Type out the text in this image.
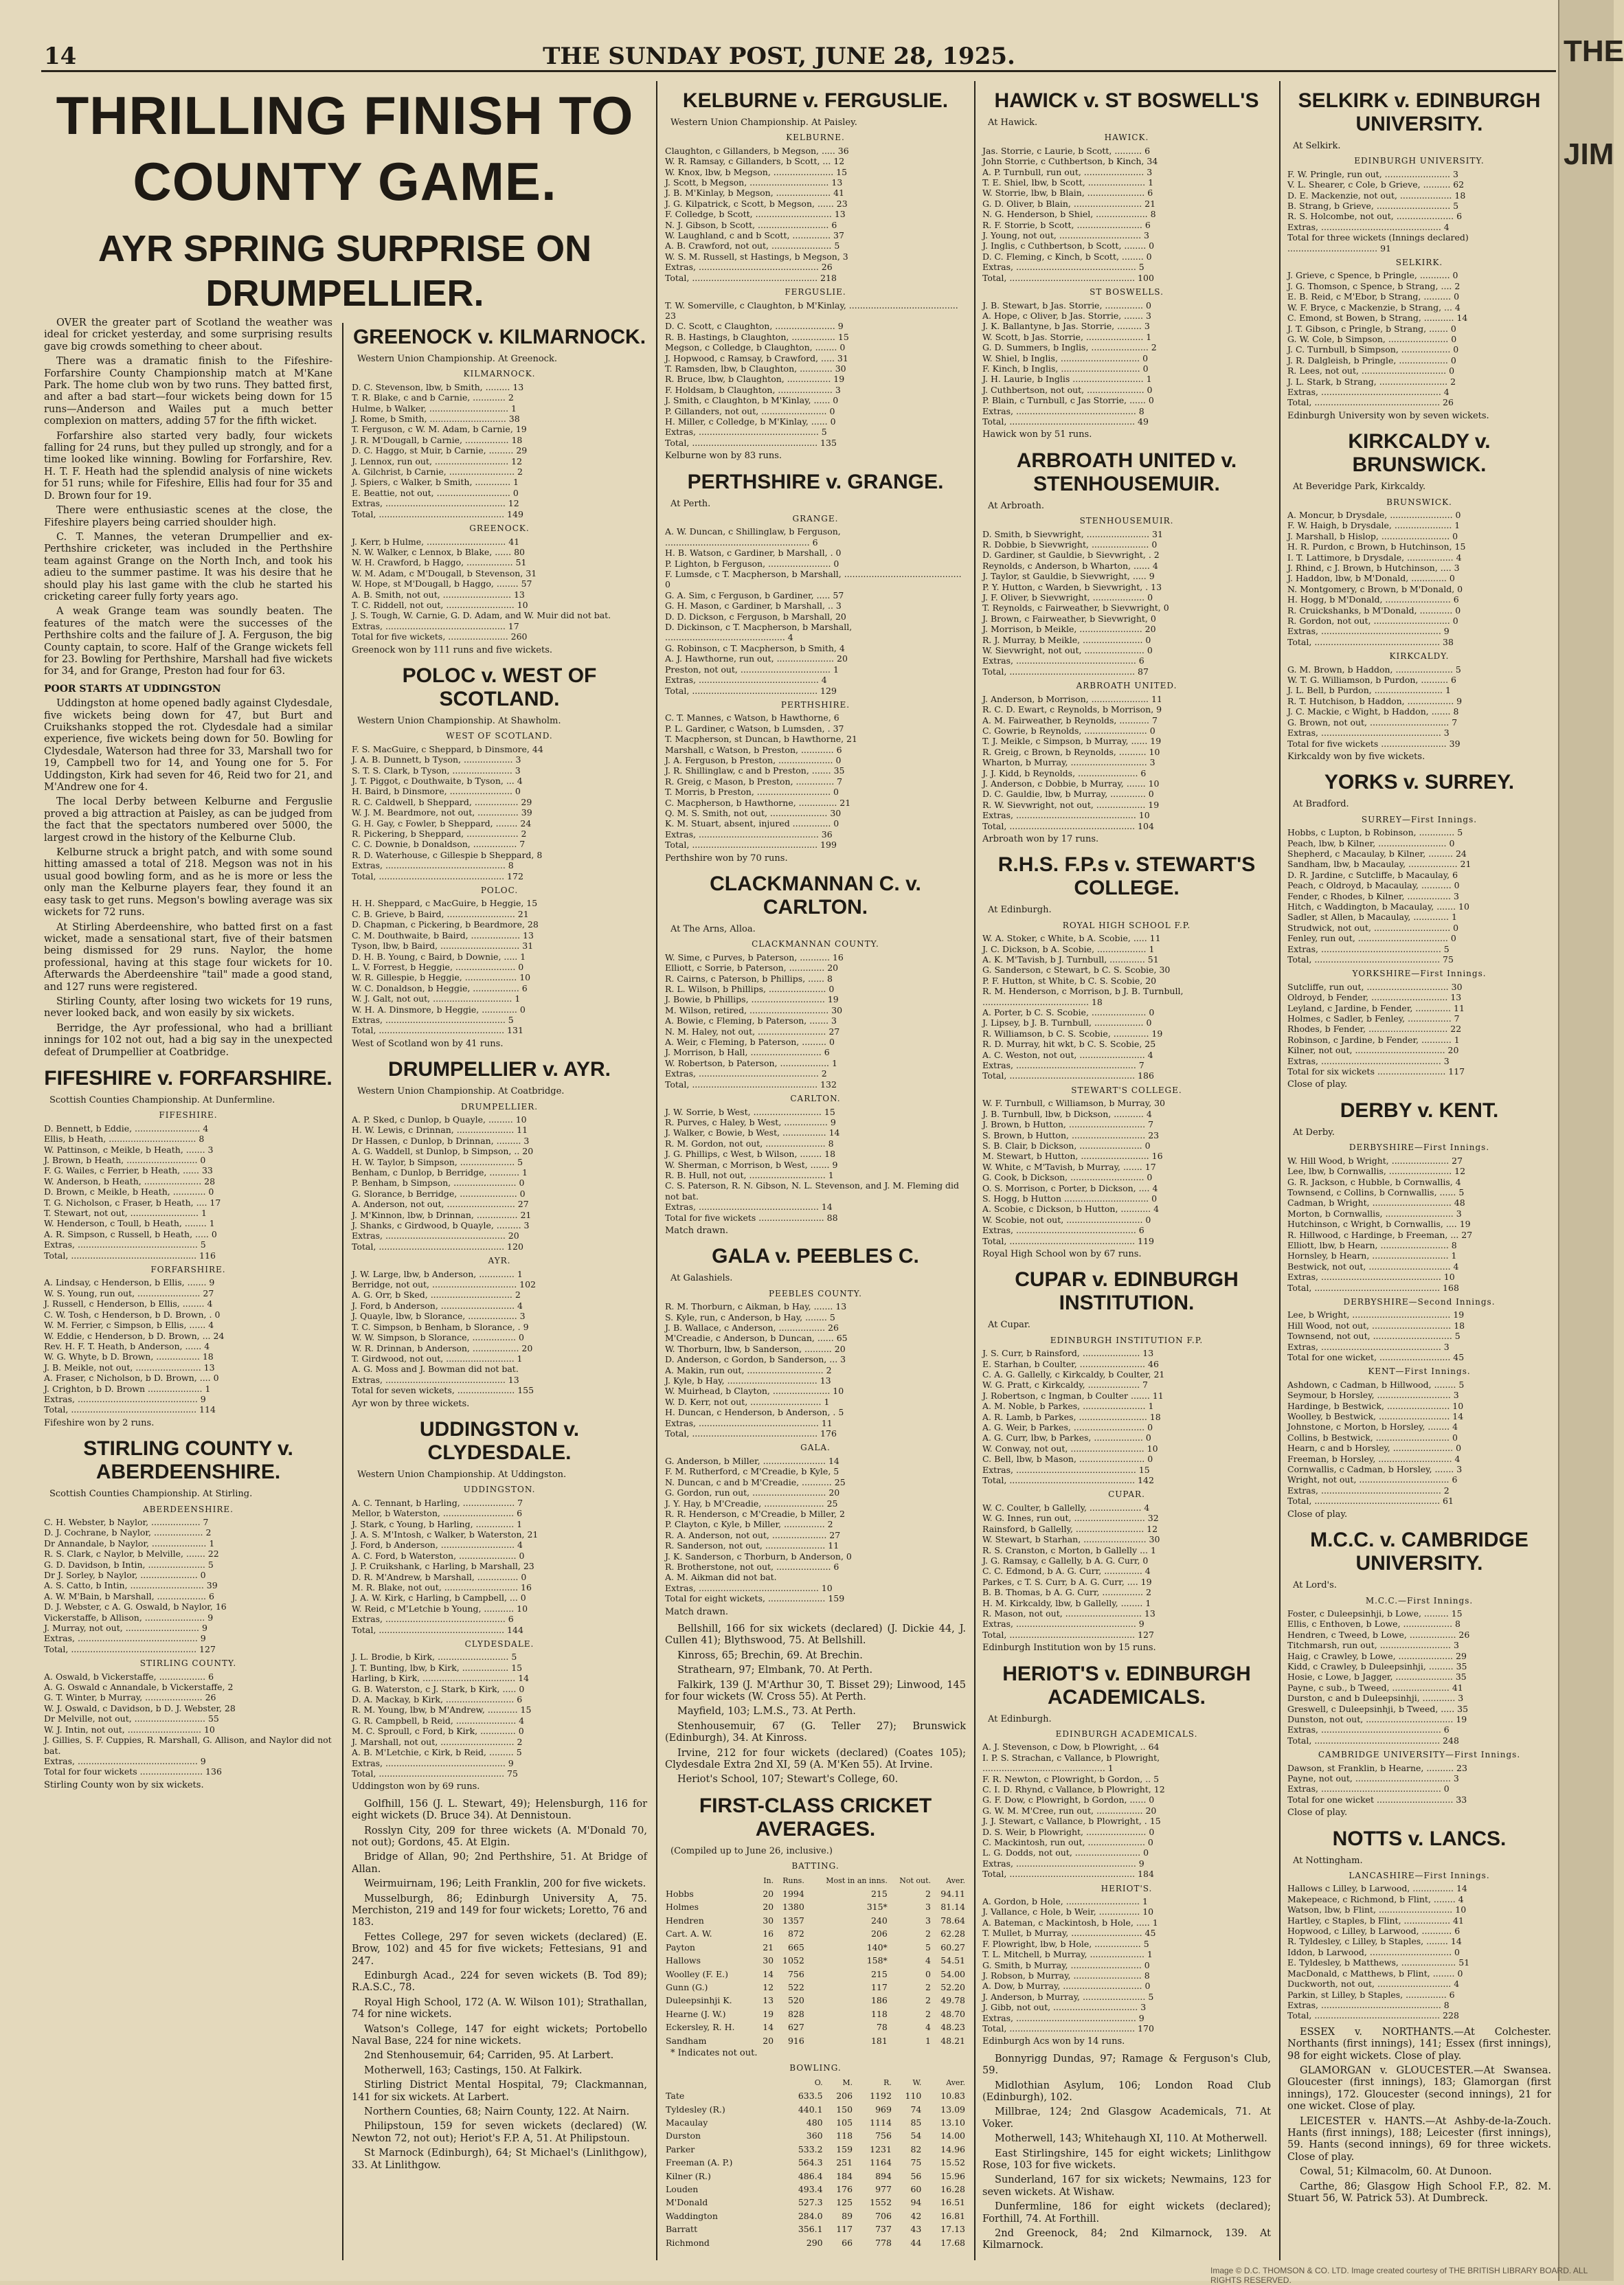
THE
JIM
14	THE SUNDAY POST, JUNE 28, 1925.
THRILLING FINISH TO
COUNTY GAME.
AYR SPRING SURPRISE ON
DRUMPELLIER.

OVER the greater part of Scotland the weather was ideal for cricket yesterday, and some surprising results gave big crowds something to cheer about.

There was a dramatic finish to the Fifeshire-Forfarshire County Championship match at M'Kane Park. The home club won by two runs. They batted first, and after a bad start—four wickets being down for 15 runs—Anderson and Wailes put a much better complexion on matters, adding 57 for the fifth wicket.

Forfarshire also started very badly, four wickets falling for 24 runs, but they pulled up strongly, and for a time looked like winning. Bowling for Forfarshire, Rev. H. T. F. Heath had the splendid analysis of nine wickets for 51 runs; while for Fifeshire, Ellis had four for 35 and D. Brown four for 19.

There were enthusiastic scenes at the close, the Fifeshire players being carried shoulder high.

C. T. Mannes, the veteran Drumpellier and ex-Perthshire cricketer, was included in the Perthshire team against Grange on the North Inch, and took his adieu to the summer pastime. It was his desire that he should play his last game with the club he started his cricketing career fully forty years ago.

A weak Grange team was soundly beaten. The features of the match were the successes of the Perthshire colts and the failure of J. A. Ferguson, the big County captain, to score. Half of the Grange wickets fell for 23. Bowling for Perthshire, Marshall had five wickets for 34, and for Grange, Preston had four for 63.

POOR STARTS AT UDDINGSTON

Uddingston at home opened badly against Clydesdale, five wickets being down for 47, but Burt and Cruikshanks stopped the rot. Clydesdale had a similar experience, five wickets being down for 50. Bowling for Clydesdale, Waterson had three for 33, Marshall two for 19, Campbell two for 14, and Young one for 5. For Uddingston, Kirk had seven for 46, Reid two for 21, and M'Andrew one for 4.

The local Derby between Kelburne and Ferguslie proved a big attraction at Paisley, as can be judged from the fact that the spectators numbered over 5000, the largest crowd in the history of the Kelburne Club.

Kelburne struck a bright patch, and with some sound hitting amassed a total of 218. Megson was not in his usual good bowling form, and as he is more or less the only man the Kelburne players fear, they found it an easy task to get runs. Megson's bowling average was six wickets for 72 runs.

At Stirling Aberdeenshire, who batted first on a fast wicket, made a sensational start, five of their batsmen being dismissed for 29 runs. Naylor, the home professional, having at this stage four wickets for 10. Afterwards the Aberdeenshire "tail" made a good stand, and 127 runs were registered.

Stirling County, after losing two wickets for 19 runs, never looked back, and won easily by six wickets.

Berridge, the Ayr professional, who had a brilliant innings for 102 not out, had a big say in the unexpected defeat of Drumpellier at Coatbridge.

FIFESHIRE v. FORFARSHIRE.
Scottish Counties Championship. At Dunfermline.
FIFESHIRE.
D. Bennett, b Eddie, ........................ 4
Ellis, b Heath, ................................ 8
W. Pattinson, c Meikle, b Heath, ....... 3
J. Brown, b Heath, .......................... 0
F. G. Wailes, c Ferrier, b Heath, ...... 33
W. Anderson, b Heath, ..................... 28
D. Brown, c Meikle, b Heath, ............ 0
T. G. Nicholson, c Fraser, b Heath, .... 17
T. Stewart, not out, ......................... 1
W. Henderson, c Toull, b Heath, ........ 1
A. R. Simpson, c Russell, b Heath, ..... 0
Extras, ............................................ 5
Total, .............................................. 116
FORFARSHIRE.
A. Lindsay, c Henderson, b Ellis, ....... 9
W. S. Young, run out, ....................... 27
J. Russell, c Henderson, b Ellis, ........ 4
C. W. Tosh, c Henderson, b D. Brown, . 0
W. M. Ferrier, c Simpson, b Ellis, ...... 4
W. Eddie, c Henderson, b D. Brown, ... 24
Rev. H. F. T. Heath, b Anderson, ...... 4
W. G. Whyte, b D. Brown, ................ 18
J. B. Meikle, not out, ........................ 13
A. Fraser, c Nicholson, b D. Brown, .... 0
J. Crighton, b D. Brown .................... 1
Extras, ............................................ 9
Total, .............................................. 114
Fifeshire won by 2 runs.
STIRLING COUNTY v. ABERDEENSHIRE.
Scottish Counties Championship. At Stirling.
ABERDEENSHIRE.
C. H. Webster, b Naylor, .................. 7
D. J. Cochrane, b Naylor, .................. 2
Dr Annandale, b Naylor, .................... 1
R. S. Clark, c Naylor, b Melville, ....... 22
G. D. Davidson, b Intin, ..................... 5
Dr J. Sorley, b Naylor, ..................... 0
A. S. Catto, b Intin, ........................... 39
A. W. M'Bain, b Marshall, .................. 6
D. J. Webster, c A. G. Oswald, b Naylor, 16
Vickerstaffe, b Allison, ...................... 9
J. Murray, not out, ........................... 9
Extras, ............................................ 9
Total, .............................................. 127
STIRLING COUNTY.
A. Oswald, b Vickerstaffe, ................. 6
A. G. Oswald c Annandale, b Vickerstaffe, 2
G. T. Winter, b Murray, ..................... 26
W. J. Oswald, c Davidson, b D. J. Webster, 28
Dr Melville, not out, .......................... 55
W. J. Intin, not out, ........................... 10
J. Gillies, S. F. Cuppies, R. Marshall, G. Allison, and Naylor did not bat.
Extras, ............................................ 9
Total for four wickets ....................... 136
Stirling County won by six wickets.
GREENOCK v. KILMARNOCK.
Western Union Championship. At Greenock.
KILMARNOCK.
D. C. Stevenson, lbw, b Smith, ......... 13
T. R. Blake, c and b Carnie, ............ 2
Hulme, b Walker, ............................. 1
J. Rome, b Smith, ............................ 38
T. Ferguson, c W. M. Adam, b Carnie, 19
J. R. M'Dougall, b Carnie, ................ 18
D. C. Haggo, st Muir, b Carnie, ......... 29
J. Lennox, run out, ........................... 12
A. Gilchrist, b Carnie, ........................ 2
J. Spiers, c Walker, b Smith, ............. 1
E. Beattie, not out, ........................... 0
Extras, ............................................ 12
Total, .............................................. 149
GREENOCK.
J. Kerr, b Hulme, ............................. 41
N. W. Walker, c Lennox, b Blake, ...... 80
W. H. Crawford, b Haggo, ................. 51
W. M. Adam, c M'Dougall, b Stevenson, 31
W. Hope, st M'Dougall, b Haggo, ........ 57
A. B. Smith, not out, ......................... 13
T. C. Riddell, not out, ......................... 10
J. S. Tough, W. Carnie, G. D. Adam, and W. Muir did not bat.
Extras, ............................................ 17
Total for five wickets, ...................... 260
Greenock won by 111 runs and five wickets.
POLOC v. WEST OF SCOTLAND.
Western Union Championship. At Shawholm.
WEST OF SCOTLAND.
F. S. MacGuire, c Sheppard, b Dinsmore, 44
J. A. B. Dunnett, b Tyson, .................. 3
S. T. S. Clark, b Tyson, ...................... 3
J. T. Piggot, c Douthwaite, b Tyson, ... 4
H. Baird, b Dinsmore, ....................... 0
R. C. Caldwell, b Sheppard, ................ 29
W. J. M. Beardmore, not out, ............... 39
G. H. Gay, c Fowler, b Sheppard, ........ 24
R. Pickering, b Sheppard, ................... 2
C. C. Downie, b Donaldson, ................ 7
R. D. Waterhouse, c Gillespie b Sheppard, 8
Extras, ............................................ 8
Total, .............................................. 172
POLOC.
H. H. Sheppard, c MacGuire, b Heggie, 15
C. B. Grieve, b Baird, ......................... 21
D. Chapman, c Pickering, b Beardmore, 28
C. M. Douthwaite, b Baird, .................. 13
Tyson, lbw, b Baird, ............................. 31
D. H. B. Young, c Baird, b Downie, ..... 1
L. V. Forrest, b Heggie, ...................... 0
W. R. Gillespie, b Heggie, ................... 10
W. C. Donaldson, b Heggie, ................. 6
W. J. Galt, not out, ............................. 1
W. H. A. Dinsmore, b Heggie, ............. 0
Extras, ............................................ 5
Total, .............................................. 131
West of Scotland won by 41 runs.
DRUMPELLIER v. AYR.
Western Union Championship. At Coatbridge.
DRUMPELLIER.
A. P. Sked, c Dunlop, b Quayle, ......... 10
H. W. Lewis, c Drinnan, ..................... 11
Dr Hassen, c Dunlop, b Drinnan, ......... 3
A. G. Waddell, st Dunlop, b Simpson, .. 20
H. W. Taylor, b Simpson, .................... 5
Benham, c Dunlop, b Berridge, ........... 1
P. Benham, b Simpson, ....................... 0
G. Slorance, b Berridge, ..................... 0
A. Anderson, not out, ......................... 27
J. M'Kinnon, lbw, b Drinnan, ............... 21
J. Shanks, c Girdwood, b Quayle, ......... 3
Extras, ............................................ 20
Total, .............................................. 120
AYR.
J. W. Large, lbw, b Anderson, ............. 1
Berridge, not out, ............................... 102
A. G. Orr, b Sked, .............................. 2
J. Ford, b Anderson, ........................... 4
J. Quayle, lbw, b Slorance, .................. 3
T. C. Simpson, b Benham, b Slorance, . 9
W. W. Simpson, b Slorance, ................ 0
W. R. Drinnan, b Anderson, ................. 20
T. Girdwood, not out, ......................... 1
A. G. Moss and J. Bowman did not bat.
Extras, ............................................ 13
Total for seven wickets, ..................... 155
Ayr won by three wickets.
UDDINGSTON v. CLYDESDALE.
Western Union Championship. At Uddingston.
UDDINGSTON.
A. C. Tennant, b Harling, ................... 7
Mellor, b Waterston, .......................... 6
J. Stark, c Young, b Harling, .............. 1
J. A. S. M'Intosh, c Walker, b Waterston, 21
J. Ford, b Anderson, ........................... 4
A. C. Ford, b Waterston, ..................... 0
J. P. Cruikshank, c Harling, b Marshall, 23
D. R. M'Andrew, b Marshall, ............... 0
M. R. Blake, not out, ........................... 16
J. A. W. Kirk, c Harling, b Campbell, ... 0
W. Reid, c M'Letchie b Young, ........... 10
Extras, ............................................ 6
Total, .............................................. 144
CLYDESDALE.
J. L. Brodie, b Kirk, .......................... 5
J. T. Bunting, lbw, b Kirk, ................. 15
Harling, b Kirk, .................................. 14
G. B. Waterston, c J. Stark, b Kirk, ..... 0
D. A. Mackay, b Kirk, ......................... 6
R. M. Young, lbw, b M'Andrew, ........... 15
G. R. Campbell, b Reid, ...................... 4
M. C. Sproull, c Ford, b Kirk, ............. 0
J. Marshall, not out, ........................... 2
A. B. M'Letchie, c Kirk, b Reid, ......... 5
Extras, ............................................ 9
Total, .............................................. 75
Uddingston won by 69 runs.

Golfhill, 156 (J. L. Stewart, 49); Helensburgh, 116 for eight wickets (D. Bruce 34). At Dennistoun.

Rosslyn City, 209 for three wickets (A. M'Donald 70, not out); Gordons, 45. At Elgin.

Bridge of Allan, 90; 2nd Perthshire, 51. At Bridge of Allan.

Weirmuirnam, 196; Leith Franklin, 200 for five wickets.

Musselburgh, 86; Edinburgh University A, 75. Merchiston, 219 and 149 for four wickets; Loretto, 76 and 183.

Fettes College, 297 for seven wickets (declared) (E. Brow, 102) and 45 for five wickets; Fettesians, 91 and 247.

Edinburgh Acad., 224 for seven wickets (B. Tod 89); R.A.S.C., 78.

Royal High School, 172 (A. W. Wilson 101); Strathallan, 74 for nine wickets.

Watson's College, 147 for eight wickets; Portobello Naval Base, 224 for nine wickets.

2nd Stenhousemuir, 64; Carriden, 95. At Larbert.

Motherwell, 163; Castings, 150. At Falkirk.

Stirling District Mental Hospital, 79; Clackmannan, 141 for six wickets. At Larbert.

Northern Counties, 68; Nairn County, 122. At Nairn.

Philipstoun, 159 for seven wickets (declared) (W. Newton 72, not out); Heriot's F.P. A, 51. At Philipstoun.

St Marnock (Edinburgh), 64; St Michael's (Linlithgow), 33. At Linlithgow.

KELBURNE v. FERGUSLIE.
Western Union Championship. At Paisley.
KELBURNE.
Claughton, c Gillanders, b Megson, ..... 36
W. R. Ramsay, c Gillanders, b Scott, ... 12
W. Knox, lbw, b Megson, ...................... 15
J. Scott, b Megson, ............................. 13
J. B. M'Kinlay, b Megson, .................... 41
J. G. Kilpatrick, c Scott, b Megson, ...... 23
F. Colledge, b Scott, ............................ 13
N. J. Gibson, b Scott, .......................... 6
W. Laughland, c and b Scott, .............. 37
A. B. Crawford, not out, ...................... 5
W. S. M. Russell, st Hastings, b Megson, 3
Extras, ............................................ 26
Total, .............................................. 218
FERGUSLIE.
T. W. Somerville, c Claughton, b M'Kinlay, ........................................ 23
D. C. Scott, c Claughton, ...................... 9
R. B. Hastings, b Claughton, ................ 15
Megson, c Colledge, b Claughton, ........ 0
J. Hopwood, c Ramsay, b Crawford, ..... 31
T. Ramsden, lbw, b Claughton, ............ 30
R. Bruce, lbw, b Claughton, ................ 19
F. Holdsam, b Claughton, .................... 3
J. Smith, c Claughton, b M'Kinlay, ...... 0
P. Gillanders, not out, ........................ 0
H. Miller, c Colledge, b M'Kinlay, ...... 0
Extras, ............................................ 5
Total, .............................................. 135
Kelburne won by 83 runs.
PERTHSHIRE v. GRANGE.
At Perth.
GRANGE.
A. W. Duncan, c Shillinglaw, b Ferguson, ..................................................... 6
H. B. Watson, c Gardiner, b Marshall, . 0
P. Lighton, b Ferguson, ....................... 0
F. Lumsde, c T. Macpherson, b Marshall, ........................................... 0
G. A. Sim, c Ferguson, b Gardiner, ..... 57
G. H. Mason, c Gardiner, b Marshall, .. 3
D. D. Dickson, c Ferguson, b Marshall, 20
D. Dickinson, c T. Macpherson, b Marshall, ............................................ 4
G. Robinson, c T. Macpherson, b Smith, 4
A. J. Hawthorne, run out, ..................... 20
Preston, not out, ................................. 1
Extras, ............................................ 4
Total, .............................................. 129
PERTHSHIRE.
C. T. Mannes, c Watson, b Hawthorne, 6
P. L. Gardiner, c Watson, b Lumsden, . 37
T. Macpherson, st Duncan, b Hawthorne, 21
Marshall, c Watson, b Preston, ............ 6
J. A. Ferguson, b Preston, .................... 0
J. R. Shillinglaw, c and b Preston, ....... 35
R. Greig, c Mason, b Preston, .............. 7
T. Morris, b Preston, ........................... 0
C. Macpherson, b Hawthorne, .............. 21
Q. M. S. Smith, not out, ..................... 30
K. M. Stuart, absent, injured .............. 0
Extras, ............................................ 36
Total, .............................................. 199
Perthshire won by 70 runs.
CLACKMANNAN C. v. CARLTON.
At The Arns, Alloa.
CLACKMANNAN COUNTY.
W. Sime, c Purves, b Paterson, ........... 16
Elliott, c Sorrie, b Paterson, ............. 20
R. Cairns, c Paterson, b Phillips, ...... 8
R. L. Wilson, b Phillips, ..................... 0
J. Bowie, b Phillips, ........................... 19
M. Wilson, retired, ............................. 30
A. Bowie, c Fleming, b Paterson, ....... 3
N. M. Haley, not out, ......................... 27
A. Weir, c Fleming, b Paterson, ......... 0
J. Morrison, b Hall, .......................... 6
W. Robertson, b Paterson, .................. 1
Extras, ............................................ 2
Total, .............................................. 132
CARLTON.
J. W. Sorrie, b West, ......................... 15
R. Purves, c Haley, b West, ................ 9
J. Walker, c Bowie, b West, ................ 14
R. M. Gordon, not out, ...................... 8
J. G. Phillips, c West, b Wilson, ........ 18
W. Sherman, c Morrison, b West, ....... 9
R. B. Hull, not out, ............................ 1
C. S. Paterson, R. N. Gibson, N. L. Stevenson, and J. M. Fleming did not bat.
Extras, ............................................ 14
Total for five wickets ........................ 88
Match drawn.
GALA v. PEEBLES C.
At Galashiels.
PEEBLES COUNTY.
R. M. Thorburn, c Aikman, b Hay, ....... 13
S. Kyle, run, c Anderson, b Hay, ........ 5
J. B. Wallace, c Anderson, ................. 26
M'Creadie, c Anderson, b Duncan, ...... 65
W. Thorburn, lbw, b Sanderson, .......... 20
D. Anderson, c Gordon, b Sanderson, ... 3
A. Makin, run out, ............................ 2
J. Kyle, b Hay, ................................. 13
W. Muirhead, b Clayton, ..................... 10
W. D. Kerr, not out, .......................... 1
H. Duncan, c Henderson, b Anderson, . 5
Extras, ............................................ 11
Total, .............................................. 176
GALA.
G. Anderson, b Miller, ....................... 14
F. M. Rutherford, c M'Creadie, b Kyle, 5
N. Duncan, c and b M'Creadie, ........... 25
G. Gordon, run out, ........................... 20
J. Y. Hay, b M'Creadie, ...................... 25
R. R. Henderson, c M'Creadie, b Miller, 2
P. Clayton, c Kyle, b Miller, ............... 2
R. A. Anderson, not out, .................... 27
R. Sanderson, not out, ...................... 11
J. K. Sanderson, c Thorburn, b Anderson, 0
R. Brotherstone, not out, .................... 6
A. M. Aikman did not bat.
Extras, ............................................ 10
Total for eight wickets, ..................... 159
Match drawn.

Bellshill, 166 for six wickets (declared) (J. Dickie 44, J. Cullen 41); Blythswood, 75. At Bellshill.

Kinross, 65; Brechin, 69. At Brechin.

Strathearn, 97; Elmbank, 70. At Perth.

Falkirk, 139 (J. M'Arthur 30, T. Bisset 29); Linwood, 145 for four wickets (W. Cross 55). At Perth.

Mayfield, 103; L.M.S., 73. At Perth.

Stenhousemuir, 67 (G. Teller 27); Brunswick (Edinburgh), 34. At Kinross.

Irvine, 212 for four wickets (declared) (Coates 105); Clydesdale Extra 2nd XI, 59 (A. M'Ken 55). At Irvine.

Heriot's School, 107; Stewart's College, 60.

FIRST-CLASS CRICKET AVERAGES.
(Compiled up to June 26, inclusive.)
BATTING.
	In.	Runs.	Most in an inns.	Not out.	Aver.
Hobbs	20	1994	215	2	94.11
Holmes	20	1380	315*	3	81.14
Hendren	30	1357	240	3	78.64
Cart. A. W.	16	872	206	2	62.28
Payton	21	665	140*	5	60.27
Hallows	30	1052	158*	4	54.51
Woolley (F. E.)	14	756	215	0	54.00
Gunn (G.)	12	522	117	2	52.20
Duleepsinhji K.	13	520	186	2	49.78
Hearne (J. W.)	19	828	118	2	48.70
Eckersley, R. H.	14	627	78	4	48.23
Sandham	20	916	181	1	48.21
* Indicates not out.
BOWLING.
	O.	M.	R.	W.	Aver.
Tate	633.5	206	1192	110	10.83
Tyldesley (R.)	440.1	150	969	74	13.09
Macaulay	480	105	1114	85	13.10
Durston	360	118	756	54	14.00
Parker	533.2	159	1231	82	14.96
Freeman (A. P.)	564.3	251	1164	75	15.52
Kilner (R.)	486.4	184	894	56	15.96
Louden	493.4	176	977	60	16.28
M'Donald	527.3	125	1552	94	16.51
Waddington	284.0	89	706	42	16.81
Barratt	356.1	117	737	43	17.13
Richmond	290	66	778	44	17.68
HAWICK v. ST BOSWELL'S
At Hawick.
HAWICK.
Jas. Storrie, c Laurie, b Scott, .......... 6
John Storrie, c Cuthbertson, b Kinch, 34
A. P. Turnbull, run out, ...................... 3
T. E. Shiel, lbw, b Scott, ..................... 1
W. Storrie, lbw, b Blain, ..................... 6
G. D. Oliver, b Blain, ......................... 21
N. G. Henderson, b Shiel, ................... 8
R. F. Storrie, b Scott, ........................ 6
J. Young, not out, .............................. 3
J. Inglis, c Cuthbertson, b Scott, ........ 0
D. C. Fleming, c Kinch, b Scott, ........ 0
Extras, ............................................ 5
Total, .............................................. 100
ST BOSWELLS.
J. B. Stewart, b Jas. Storrie, .............. 0
A. Hope, c Oliver, b Jas. Storrie, ....... 3
J. K. Ballantyne, b Jas. Storrie, ......... 3
W. Scott, b Jas. Storrie, ..................... 1
G. D. Summers, b Inglis, ..................... 2
W. Shiel, b Inglis, ............................. 0
F. Kinch, b Inglis, ............................. 0
J. H. Laurie, b Inglis .......................... 1
J. Cuthbertson, not out, ..................... 0
P. Blain, c Turnbull, c Jas Storrie, ...... 0
Extras, ............................................ 8
Total, .............................................. 49
Hawick won by 51 runs.
ARBROATH UNITED v. STENHOUSEMUIR.
At Arbroath.
STENHOUSEMUIR.
D. Smith, b Sievwright, ....................... 31
R. Dobbie, b Sievwright, ..................... 0
D. Gardiner, st Gauldie, b Sievwright, . 2
Reynolds, c Anderson, b Wharton, ...... 4
J. Taylor, st Gauldie, b Sievwright, ..... 9
P. Y. Hutton, c Warden, b Sievwright, . 13
J. F. Oliver, b Sievwright, ................... 0
T. Reynolds, c Fairweather, b Sievwright, 0
J. Brown, c Fairweather, b Sievwright, 0
J. Morrison, b Meikle, ....................... 20
R. J. Murray, b Meikle, ...................... 0
W. Sievwright, not out, ...................... 0
Extras, ............................................ 6
Total, .............................................. 87
ARBROATH UNITED.
J. Anderson, b Morrison, ..................... 11
R. C. D. Ewart, c Reynolds, b Morrison, 9
A. M. Fairweather, b Reynolds, ........... 7
C. Gowrie, b Reynolds, ....................... 0
T. J. Meikle, c Simpson, b Murray, ...... 19
R. Greig, c Brown, b Reynolds, .......... 10
Wharton, b Murray, ............................ 3
J. J. Kidd, b Reynolds, ...................... 6
J. Anderson, c Dobbie, b Murray, ....... 10
D. C. Gauldie, lbw, b Murray, ............. 0
R. W. Sievwright, not out, .................. 19
Extras, ............................................ 10
Total, .............................................. 104
Arbroath won by 17 runs.
R.H.S. F.P.s v. STEWART'S COLLEGE.
At Edinburgh.
ROYAL HIGH SCHOOL F.P.
W. A. Stoker, c White, b A. Scobie, ..... 11
J. C. Dickson, b A. Scobie, .................. 1
A. K. M'Tavish, b J. Turnbull, ............. 51
G. Sanderson, c Stewart, b C. S. Scobie, 30
P. F. Hutton, st White, b C. S. Scobie, 20
R. M. Henderson, c Morrison, b J. B. Turnbull, ....................................... 18
A. Porter, b C. S. Scobie, .................... 0
J. Lipsey, b J. B. Turnbull, .................. 0
R. Williamson, b C. S. Scobie, ............. 19
R. D. Murray, hit wkt, b C. S. Scobie, 25
A. C. Weston, not out, ........................ 4
Extras, ............................................ 7
Total, .............................................. 186
STEWART'S COLLEGE.
W. F. Turnbull, c Williamson, b Murray, 30
J. B. Turnbull, lbw, b Dickson, ........... 4
J. Brown, b Hutton, ............................ 7
S. Brown, b Hutton, ........................... 23
S. B. Clair, b Dickson, ....................... 0
M. Stewart, b Hutton, ......................... 16
W. White, c M'Tavish, b Murray, ....... 17
G. Cook, b Dickson, ........................... 0
O. S. Morrison, c Porter, b Dickson, .... 4
S. Hogg, b Hutton ............................... 0
A. Scobie, c Dickson, b Hutton, ........... 4
W. Scobie, not out, ............................ 0
Extras, ............................................ 6
Total, .............................................. 119
Royal High School won by 67 runs.
CUPAR v. EDINBURGH INSTITUTION.
At Cupar.
EDINBURGH INSTITUTION F.P.
J. S. Curr, b Rainsford, ..................... 13
E. Starhan, b Coulter, ........................ 46
C. A. G. Gallelly, c Kirkcaldy, b Coulter, 21
W. G. Pratt, c Kirkcaldy, ................... 7
J. Robertson, c Ingman, b Coulter ....... 11
A. M. Noble, b Parkes, ....................... 1
A. R. Lamb, b Parkes, ......................... 18
A. G. Weir, b Parkes, .......................... 0
A. G. Curr, lbw, b Parkes, .................. 0
W. Conway, not out, ........................... 10
C. Bell, lbw, b Mason, ........................ 0
Extras, ............................................ 15
Total, .............................................. 142
CUPAR.
W. C. Coulter, b Gallelly, ................... 4
W. G. Innes, run out, .......................... 32
Rainsford, b Gallelly, ......................... 12
W. Stewart, b Starhan, ....................... 30
R. S. Cranston, c Morton, b Gallelly ... 1
J. G. Ramsay, c Gallelly, b A. G. Curr, 0
C. C. Edmond, b A. G. Curr, .............. 4
Parkes, c T. S. Curr, b A. G. Curr, .... 19
B. B. Thomas, b A. G. Curr, ............... 2
H. M. Kirkcaldy, lbw, b Gallelly, ........ 1
R. Mason, not out, ............................ 13
Extras, ............................................ 9
Total, .............................................. 127
Edinburgh Institution won by 15 runs.
HERIOT'S v. EDINBURGH ACADEMICALS.
At Edinburgh.
EDINBURGH ACADEMICALS.
A. J. Stevenson, c Dow, b Plowright, .. 64
I. P. S. Strachan, c Vallance, b Plowright, ............................................. 1
F. R. Newton, c Plowright, b Gordon, .. 5
C. I. D. Rhynd, c Vallance, b Plowright, 12
G. F. Dow, c Plowright, b Gordon, ...... 0
G. W. M. M'Cree, run out, ................. 20
J. J. Stewart, c Vallance, b Plowright, . 15
D. S. Weir, b Plowright, ...................... 0
C. Mackintosh, run out, ..................... 0
L. G. Dodds, not out, ........................ 0
Extras, ............................................ 9
Total, .............................................. 184
HERIOT'S.
A. Gordon, b Hole, ........................... 1
J. Vallance, c Hole, b Weir, ............... 10
A. Bateman, c Mackintosh, b Hole, ..... 1
T. Mullet, b Murray, .......................... 45
F. Plowright, lbw, b Hole, ................. 5
T. L. Mitchell, b Murray, .................... 1
G. Smith, b Murray, .......................... 0
J. Robson, b Murray, ......................... 8
A. Dow, b Murray, ............................. 0
J. Anderson, b Murray, ....................... 5
J. Gibb, not out, ............................... 3
Extras, ............................................ 9
Total, .............................................. 170
Edinburgh Acs won by 14 runs.

Bonnyrigg Dundas, 97; Ramage & Ferguson's Club, 59.

Midlothian Asylum, 106; London Road Club (Edinburgh), 102.

Millbrae, 124; 2nd Glasgow Academicals, 71. At Voker.

Motherwell, 143; Whitehaugh XI, 110. At Motherwell.

East Stirlingshire, 145 for eight wickets; Linlithgow Rose, 103 for five wickets.

Sunderland, 167 for six wickets; Newmains, 123 for seven wickets. At Wishaw.

Dunfermline, 186 for eight wickets (declared); Forthill, 74. At Forthill.

2nd Greenock, 84; 2nd Kilmarnock, 139. At Kilmarnock.

SELKIRK v. EDINBURGH UNIVERSITY.
At Selkirk.
EDINBURGH UNIVERSITY.
F. W. Pringle, run out, ........................ 3
V. L. Shearer, c Cole, b Grieve, .......... 62
D. E. Mackenzie, not out, ................... 18
B. Strang, b Grieve, ........................... 5
R. S. Holcombe, not out, ..................... 6
Extras, ............................................ 4
Total for three wickets (Innings declared) ................................. 91
SELKIRK.
J. Grieve, c Spence, b Pringle, ........... 0
J. G. Thomson, c Spence, b Strang, .... 2
E. B. Reid, c M'Ebor, b Strang, .......... 0
W. F. Bryce, c Mackenzie, b Strang, ... 4
C. Emond, st Bowen, b Strang, ........... 14
J. T. Gibson, c Pringle, b Strang, ....... 0
G. W. Cole, b Simpson, ...................... 0
J. C. Turnbull, b Simpson, .................. 0
J. R. Dalgleish, b Pringle, .................. 0
R. Lees, not out, ............................... 0
J. L. Stark, b Strang, ......................... 2
Extras, ............................................ 4
Total, .............................................. 26
Edinburgh University won by seven wickets.
KIRKCALDY v. BRUNSWICK.
At Beveridge Park, Kirkcaldy.
BRUNSWICK.
A. Moncur, b Drysdale, ....................... 0
F. W. Haigh, b Drysdale, ..................... 1
J. Marshall, b Hislop, ......................... 0
H. R. Purdon, c Brown, b Hutchinson, 15
I. T. Lattimore, b Drysdale, ................. 4
J. Rhind, c J. Brown, b Hutchinson, .... 3
J. Haddon, lbw, b M'Donald, ............. 0
N. Montgomery, c Brown, b M'Donald, 0
H. Hogg, b M'Donald, ........................ 6
R. Cruickshanks, b M'Donald, ............ 0
R. Gordon, not out, ............................ 0
Extras, ............................................ 9
Total, .............................................. 38
KIRKCALDY.
G. M. Brown, b Haddon, ..................... 5
W. T. G. Williamson, b Purdon, .......... 6
J. L. Bell, b Purdon, ......................... 1
R. T. Hutchison, b Haddon, ................. 9
J. C. Mackie, c Wight, b Haddon, ....... 8
G. Brown, not out, ............................. 7
Extras, ............................................ 3
Total for five wickets ........................ 39
Kirkcaldy won by five wickets.
YORKS v. SURREY.
At Bradford.
SURREY—First Innings.
Hobbs, c Lupton, b Robinson, ............. 5
Peach, lbw, b Kilner, ......................... 0
Shepherd, c Macaulay, b Kilner, ......... 24
Sandham, lbw, b Macaulay, .................. 21
D. R. Jardine, c Sutcliffe, b Macaulay, 6
Peach, c Oldroyd, b Macaulay, ........... 0
Fender, c Rhodes, b Kilner, ................ 3
Hitch, c Waddington, b Macaulay, ....... 10
Sadler, st Allen, b Macaulay, ............. 1
Strudwick, not out, ............................ 0
Fenley, run out, ................................. 0
Extras, ............................................ 5
Total, .............................................. 75
YORKSHIRE—First Innings.
Sutcliffe, run out, .............................. 30
Oldroyd, b Fender, ............................ 13
Leyland, c Jardine, b Fender, ............. 11
Holmes, c Sadler, b Fenley, ................ 7
Rhodes, b Fender, ............................. 22
Robinson, c Jardine, b Fender, ........... 1
Kilner, not out, ................................. 20
Extras, ............................................ 3
Total for six wickets ......................... 117
Close of play.
DERBY v. KENT.
At Derby.
DERBYSHIRE—First Innings.
W. Hill Wood, b Wright, ..................... 27
Lee, lbw, b Cornwallis, ....................... 12
G. R. Jackson, c Hubble, b Cornwallis, 4
Townsend, c Collins, b Cornwallis, ...... 5
Cadman, b Wright, ............................. 48
Morton, b Cornwallis, ......................... 3
Hutchinson, c Wright, b Cornwallis, .... 19
R. Hillwood, c Hardinge, b Freeman, ... 27
Elliott, lbw, b Hearn, ......................... 8
Hornsley, b Hearn, ............................ 1
Bestwick, not out, .............................. 4
Extras, ............................................ 10
Total, .............................................. 168
DERBYSHIRE—Second Innings.
Lee, b Wright, .................................... 19
Hill Wood, not out, ............................. 18
Townsend, not out, ............................. 5
Extras, ............................................ 3
Total for one wicket, .......................... 45
KENT—First Innings.
Ashdown, c Cadman, b Hillwood, ........ 5
Seymour, b Horsley, ........................... 3
Hardinge, b Bestwick, ....................... 10
Woolley, b Bestwick, .......................... 14
Johnstone, c Morton, b Horsley, ........ 4
Collins, b Bestwick, ........................... 0
Hearn, c and b Horsley, ...................... 0
Freeman, b Horsley, ........................... 4
Cornwallis, c Cadman, b Horsley, ....... 3
Wright, not out, ................................. 6
Extras, ............................................ 2
Total, .............................................. 61
Close of play.
M.C.C. v. CAMBRIDGE UNIVERSITY.
At Lord's.
M.C.C.—First Innings.
Foster, c Duleepsinhji, b Lowe, ......... 15
Ellis, c Enthoven, b Lowe, .................. 8
Hendren, c Tweed, b Lowe, ................. 26
Titchmarsh, run out, .......................... 3
Haig, c Crawley, b Lowe, .................... 29
Kidd, c Crawley, b Duleepsinhji, ......... 35
Hosie, c Lowe, b Jagger, ..................... 35
Payne, c sub., b Tweed, ..................... 41
Durston, c and b Duleepsinhji, ............ 3
Greswell, c Duleepsinhji, b Tweed, ..... 35
Dunston, not out, ................................ 19
Extras, ............................................ 6
Total, .............................................. 248
CAMBRIDGE UNIVERSITY—First Innings.
Dawson, st Franklin, b Hearne, .......... 23
Payne, not out, ................................... 3
Extras, ............................................ 0
Total for one wicket ............................ 33
Close of play.
NOTTS v. LANCS.
At Nottingham.
LANCASHIRE—First Innings.
Hallows c Lilley, b Larwood, ............... 14
Makepeace, c Richmond, b Flint, ........ 4
Watson, lbw, b Flint, ........................... 10
Hartley, c Staples, b Flint, ................. 41
Hopwood, c Lilley, b Larwood, ........... 6
R. Tyldesley, c Lilley, b Staples, ........ 14
Iddon, b Larwood, .............................. 0
E. Tyldesley, b Matthews, .................... 51
MacDonald, c Matthews, b Flint, ........ 0
Duckworth, not out, ........................... 4
Parkin, st Lilley, b Staples, ............... 6
Extras, ............................................ 8
Total, .............................................. 228

ESSEX v. NORTHANTS.—At Colchester. Northants (first innings), 141; Essex (first innings), 98 for eight wickets. Close of play.

GLAMORGAN v. GLOUCESTER.—At Swansea. Gloucester (first innings), 183; Glamorgan (first innings), 172. Gloucester (second innings), 21 for one wicket. Close of play.

LEICESTER v. HANTS.—At Ashby-de-la-Zouch. Hants (first innings), 188; Leicester (first innings), 59. Hants (second innings), 69 for three wickets. Close of play.

Cowal, 51; Kilmacolm, 60. At Dunoon.

Carthe, 86; Glasgow High School F.P., 82. M. Stuart 56, W. Patrick 53). At Dumbreck.

Image © D.C. THOMSON & CO. LTD. Image created courtesy of THE BRITISH LIBRARY BOARD. ALL RIGHTS RESERVED.
